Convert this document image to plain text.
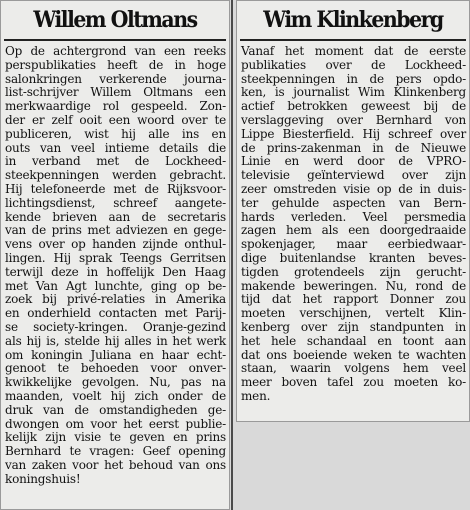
Willem Oltmans
Op de achtergrond van een reeks
perspublikaties heeft de in hoge
salonkringen verkerende journa-
list-schrijver Willem Oltmans een
merkwaardige rol gespeeld. Zon-
der er zelf ooit een woord over te
publiceren, wist hij alle ins en
outs van veel intieme details die
in verband met de Lockheed-
steekpenningen werden gebracht.
Hij telefoneerde met de Rijksvoor-
lichtingsdienst, schreef aangete-
kende brieven aan de secretaris
van de prins met adviezen en gege-
vens over op handen zijnde onthul-
lingen. Hij sprak Teengs Gerritsen
terwijl deze in hoffelijk Den Haag
met Van Agt lunchte, ging op be-
zoek bij privé-relaties in Amerika
en onderhield contacten met Parij-
se society-kringen. Oranje-gezind
als hij is, stelde hij alles in het werk
om koningin Juliana en haar echt-
genoot te behoeden voor onver-
kwikkelijke gevolgen. Nu, pas na
maanden, voelt hij zich onder de
druk van de omstandigheden ge-
dwongen om voor het eerst publie-
kelijk zijn visie te geven en prins
Bernhard te vragen: Geef opening
van zaken voor het behoud van ons
koningshuis!
Wim Klinkenberg
Vanaf het moment dat de eerste
publikaties over de Lockheed-
steekpenningen in de pers opdo-
ken, is journalist Wim Klinkenberg
actief betrokken geweest bij de
verslaggeving over Bernhard von
Lippe Biesterfield. Hij schreef over
de prins-zakenman in de Nieuwe
Linie en werd door de VPRO-
televisie geïnterviewd over zijn
zeer omstreden visie op de in duis-
ter gehulde aspecten van Bern-
hards verleden. Veel persmedia
zagen hem als een doorgedraaide
spokenjager, maar eerbiedwaar-
dige buitenlandse kranten beves-
tigden grotendeels zijn gerucht-
makende beweringen. Nu, rond de
tijd dat het rapport Donner zou
moeten verschijnen, vertelt Klin-
kenberg over zijn standpunten in
het hele schandaal en toont aan
dat ons boeiende weken te wachten
staan, waarin volgens hem veel
meer boven tafel zou moeten ko-
men.
